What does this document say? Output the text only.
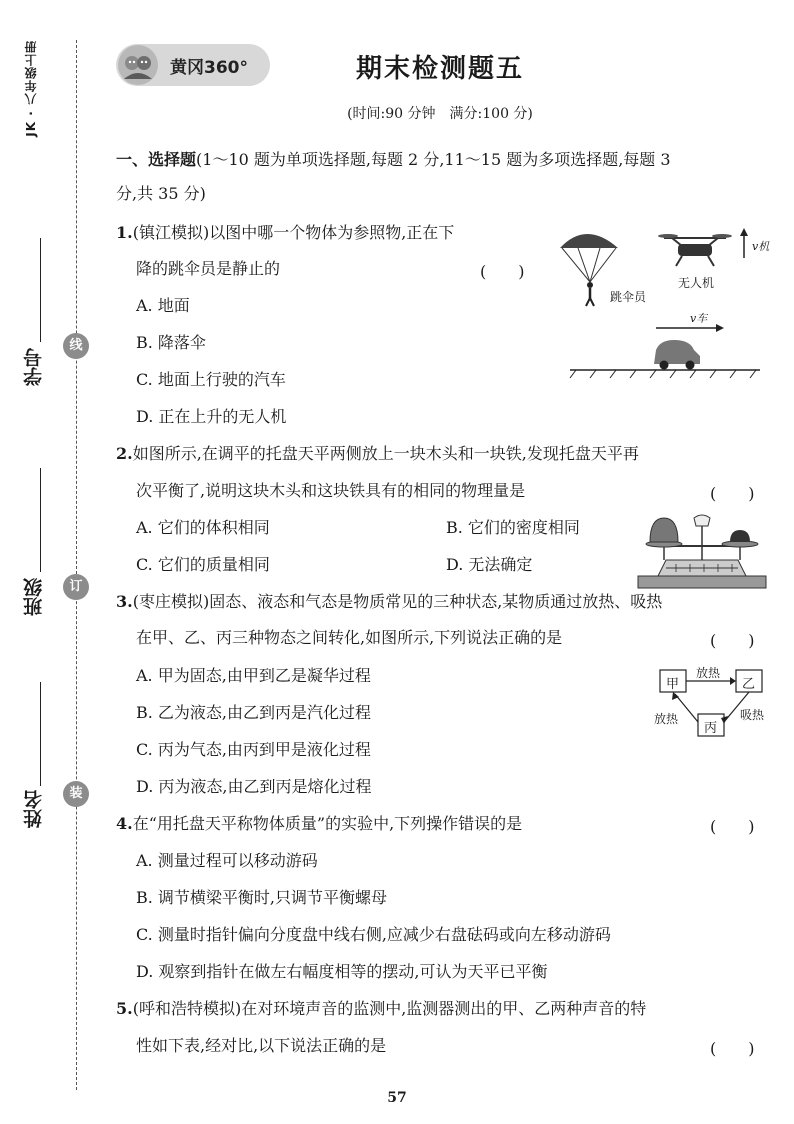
JK · 八年级上册
学号
线
班级	订
姓名	装
黄冈360°	期末检测题五
(时间:90 分钟　满分:100 分)
一、选择题(1～10 题为单项选择题,每题 2 分,11～15 题为多项选择题,每题 3
分,共 35 分)
1.(镇江模拟)以图中哪一个物体为参照物,正在下
降的跳伞员是静止的	(　　)
A. 地面
B. 降落伞
C. 地面上行驶的汽车
D. 正在上升的无人机
跳伞员
无人机
v机
v车
2.如图所示,在调平的托盘天平两侧放上一块木头和一块铁,发现托盘天平再
次平衡了,说明这块木头和这块铁具有的相同的物理量是	(　　)
A. 它们的体积相同	B. 它们的密度相同
C. 它们的质量相同	D. 无法确定
3.(枣庄模拟)固态、液态和气态是物质常见的三种状态,某物质通过放热、吸热
在甲、乙、丙三种物态之间转化,如图所示,下列说法正确的是	(　　)
A. 甲为固态,由甲到乙是凝华过程
B. 乙为液态,由乙到丙是汽化过程
C. 丙为气态,由丙到甲是液化过程
D. 丙为液态,由乙到丙是熔化过程
甲	乙
丙
放热
吸热
放热
4.在“用托盘天平称物体质量”的实验中,下列操作错误的是	(　　)
A. 测量过程可以移动游码
B. 调节横梁平衡时,只调节平衡螺母
C. 测量时指针偏向分度盘中线右侧,应减少右盘砝码或向左移动游码
D. 观察到指针在做左右幅度相等的摆动,可认为天平已平衡
5.(呼和浩特模拟)在对环境声音的监测中,监测器测出的甲、乙两种声音的特
性如下表,经对比,以下说法正确的是	(　　)
57
